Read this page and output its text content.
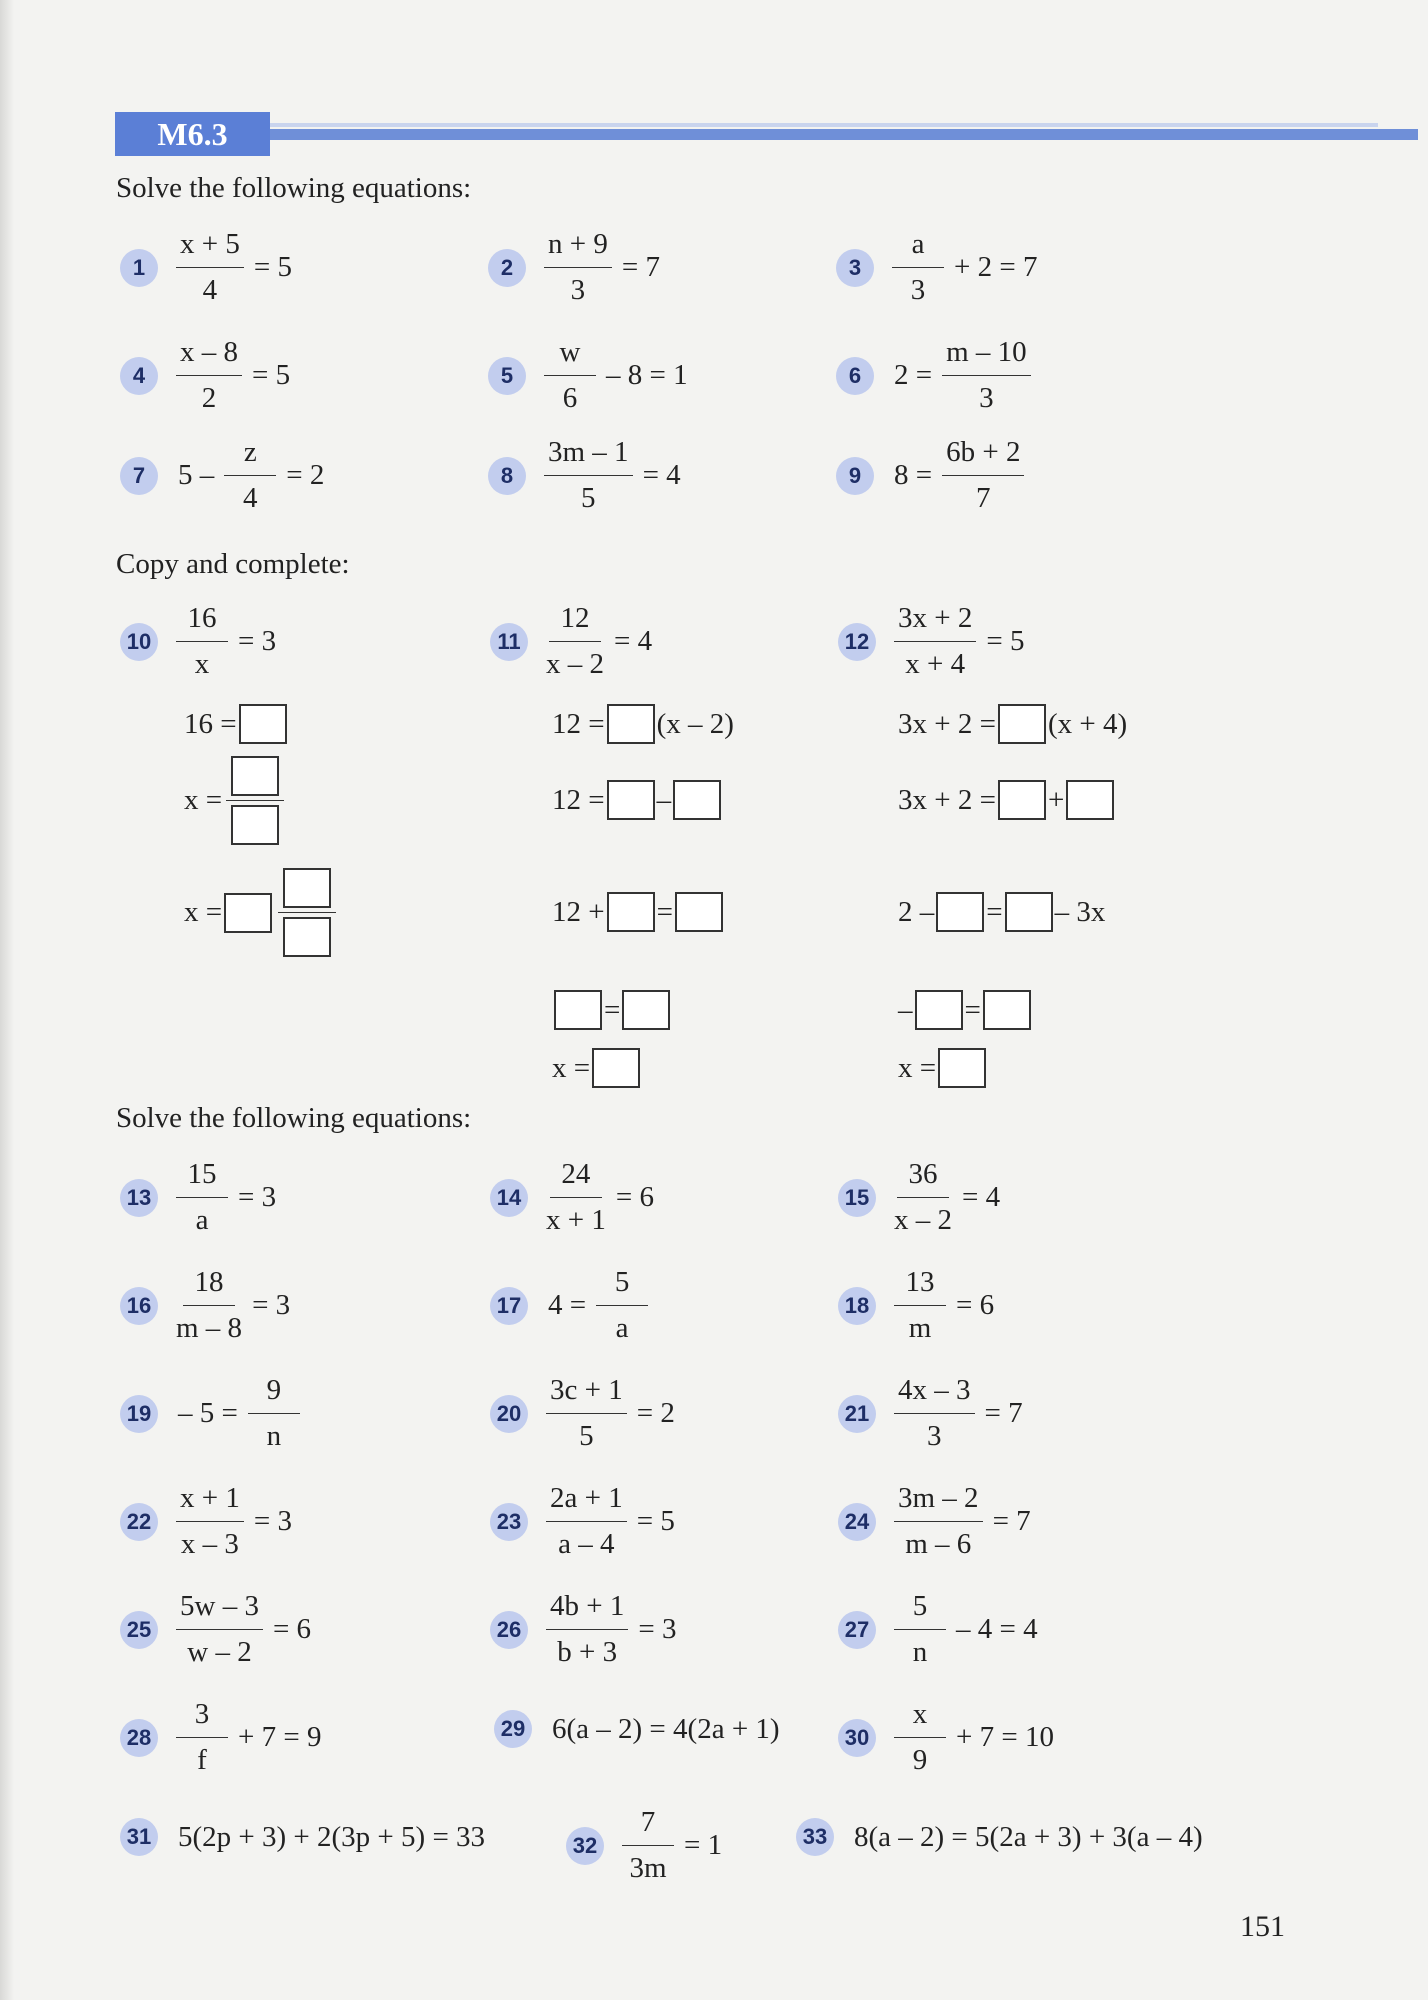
M6.3
Solve the following equations:
1	$\frac{x + 5}{4} = 5$	2	$\frac{n + 9}{3} = 7$	3	$\frac{a}{3} + 2 = 7$
4	$\frac{x - 8}{2} = 5$	5	$\frac{w}{6} - 8 = 1$	6	$2 = \frac{m - 10}{3}$
7	$5 - \frac{z}{4} = 2$	8	$\frac{3m - 1}{5} = 4$	9	$8 = \frac{6b + 2}{7}$
Copy and complete:
$10 \frac{16}{x} = 3$	$11 \frac{12}{x - 2} = 4$	$12 \frac{3x + 2}{x + 4} = 5$
16 =
x =
x =
12 = (x – 2)
12 = –
12 + =
=
x =
3x + 2 = (x + 4)
3x + 2 = +
2 – = – 3x
– =
x =
Solve the following equations:
$13 \frac{15}{a} = 3$	$14 \frac{24}{x + 1} = 6$	$15 \frac{36}{x - 2} = 4$
$16 \frac{18}{m - 8} = 3$	17 $4 = \frac{5}{a}$	$18 \frac{13}{m} = 6$
$19 - 5 = \frac{9}{n}$	$20 \frac{3c + 1}{5} = 2$	$21 \frac{4x - 3}{3} = 7$
$22 \frac{x + 1}{x - 3} = 3$	$23 \frac{2a + 1}{a - 4} = 5$	$24 \frac{3m - 2}{m - 6} = 7$
$25 \frac{5w - 3}{w - 2} = 6$	$26 \frac{4b + 1}{b + 3} = 3$	$27 \frac{5}{n} - 4 = 4$
$28 \frac{3}{f} + 7 = 9$	29 6(a – 2) = 4(2a + 1)	$30 \frac{x}{9} + 7 = 10$
31 5(2p + 3) + 2(3p + 5) = 33	$32 \frac{7}{3m} = 1$	33 8(a – 2) = 5(2a + 3) + 3(a – 4)
151
